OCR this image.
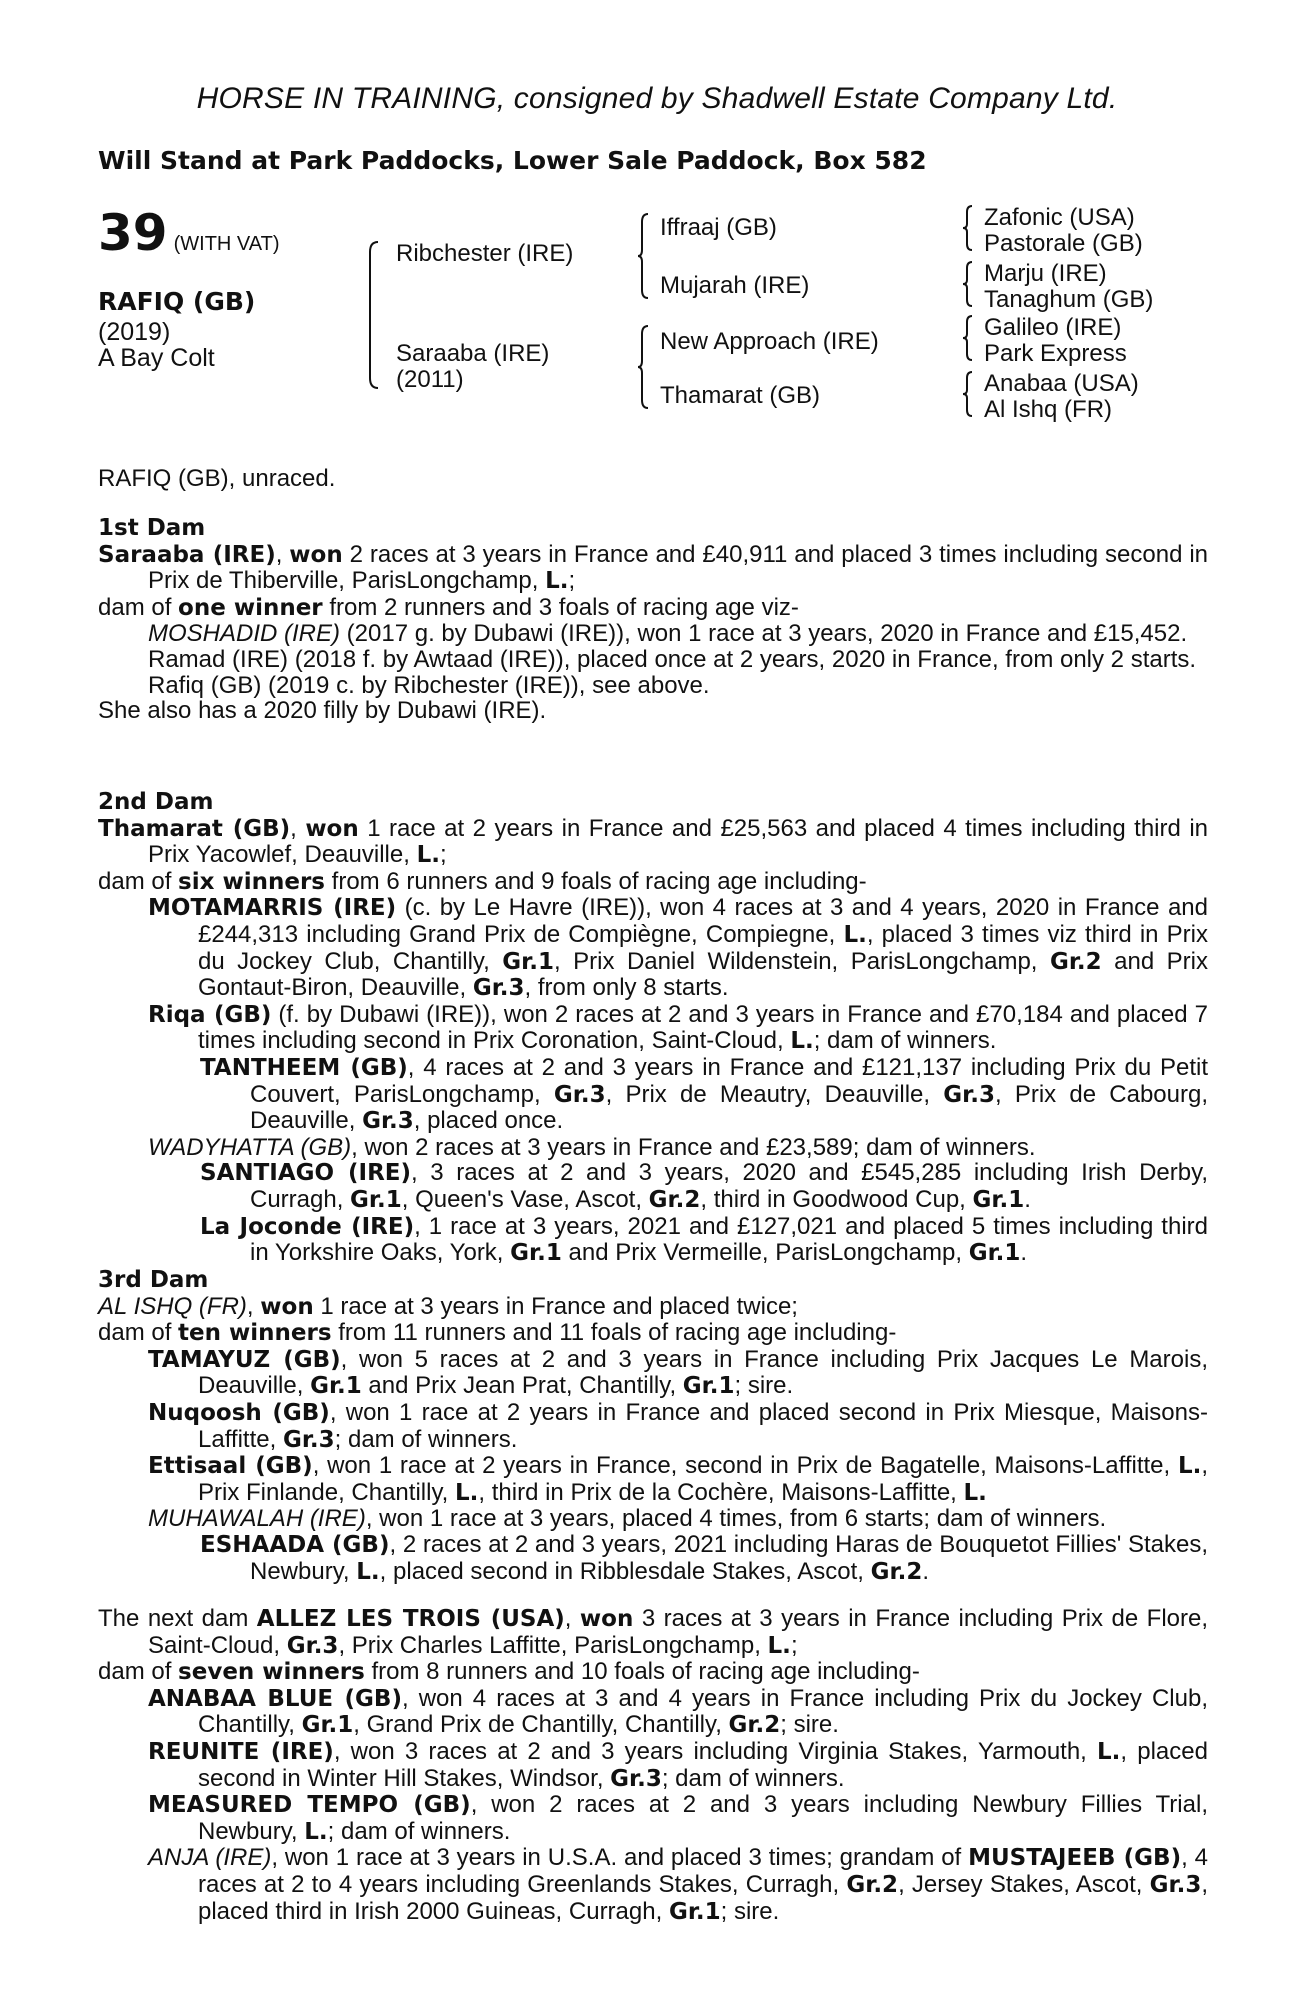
HORSE IN TRAINING, consigned by Shadwell Estate Company Ltd.
Will Stand at Park Paddocks, Lower Sale Paddock, Box 582
39 (WITH VAT)
RAFIQ (GB)
(2019)
A Bay Colt
Ribchester (IRE)
Saraaba (IRE)
(2011)
Iffraaj (GB)
Mujarah (IRE)
New Approach (IRE)
Thamarat (GB)
Zafonic (USA)
Pastorale (GB)
Marju (IRE)
Tanaghum (GB)
Galileo (IRE)
Park Express
Anabaa (USA)
Al Ishq (FR)
RAFIQ (GB), unraced.
1st Dam
Saraaba (IRE), won 2 races at 3 years in France and £40,911 and placed 3 times including second in Prix de Thiberville, ParisLongchamp, L.;
dam of one winner from 2 runners and 3 foals of racing age viz-
MOSHADID (IRE) (2017 g. by Dubawi (IRE)), won 1 race at 3 years, 2020 in France and £15,452.
Ramad (IRE) (2018 f. by Awtaad (IRE)), placed once at 2 years, 2020 in France, from only 2 starts.
Rafiq (GB) (2019 c. by Ribchester (IRE)), see above.
She also has a 2020 filly by Dubawi (IRE).
2nd Dam
Thamarat (GB), won 1 race at 2 years in France and £25,563 and placed 4 times including third in Prix Yacowlef, Deauville, L.;
dam of six winners from 6 runners and 9 foals of racing age including-
MOTAMARRIS (IRE) (c. by Le Havre (IRE)), won 4 races at 3 and 4 years, 2020 in France and £244,313 including Grand Prix de Compiègne, Compiegne, L., placed 3 times viz third in Prix du Jockey Club, Chantilly, Gr.1, Prix Daniel Wildenstein, ParisLongchamp, Gr.2 and Prix Gontaut-Biron, Deauville, Gr.3, from only 8 starts.
Riqa (GB) (f. by Dubawi (IRE)), won 2 races at 2 and 3 years in France and £70,184 and placed 7 times including second in Prix Coronation, Saint-Cloud, L.; dam of winners.
TANTHEEM (GB), 4 races at 2 and 3 years in France and £121,137 including Prix du Petit Couvert, ParisLongchamp, Gr.3, Prix de Meautry, Deauville, Gr.3, Prix de Cabourg, Deauville, Gr.3, placed once.
WADYHATTA (GB), won 2 races at 3 years in France and £23,589; dam of winners.
SANTIAGO (IRE), 3 races at 2 and 3 years, 2020 and £545,285 including Irish Derby, Curragh, Gr.1, Queen's Vase, Ascot, Gr.2, third in Goodwood Cup, Gr.1.
La Joconde (IRE), 1 race at 3 years, 2021 and £127,021 and placed 5 times including third in Yorkshire Oaks, York, Gr.1 and Prix Vermeille, ParisLongchamp, Gr.1.
3rd Dam
AL ISHQ (FR), won 1 race at 3 years in France and placed twice;
dam of ten winners from 11 runners and 11 foals of racing age including-
TAMAYUZ (GB), won 5 races at 2 and 3 years in France including Prix Jacques Le Marois, Deauville, Gr.1 and Prix Jean Prat, Chantilly, Gr.1; sire.
Nuqoosh (GB), won 1 race at 2 years in France and placed second in Prix Miesque, Maisons-Laffitte, Gr.3; dam of winners.
Ettisaal (GB), won 1 race at 2 years in France, second in Prix de Bagatelle, Maisons-Laffitte, L., Prix Finlande, Chantilly, L., third in Prix de la Cochère, Maisons-Laffitte, L.
MUHAWALAH (IRE), won 1 race at 3 years, placed 4 times, from 6 starts; dam of winners.
ESHAADA (GB), 2 races at 2 and 3 years, 2021 including Haras de Bouquetot Fillies' Stakes, Newbury, L., placed second in Ribblesdale Stakes, Ascot, Gr.2.
The next dam ALLEZ LES TROIS (USA), won 3 races at 3 years in France including Prix de Flore, Saint-Cloud, Gr.3, Prix Charles Laffitte, ParisLongchamp, L.;
dam of seven winners from 8 runners and 10 foals of racing age including-
ANABAA BLUE (GB), won 4 races at 3 and 4 years in France including Prix du Jockey Club, Chantilly, Gr.1, Grand Prix de Chantilly, Chantilly, Gr.2; sire.
REUNITE (IRE), won 3 races at 2 and 3 years including Virginia Stakes, Yarmouth, L., placed second in Winter Hill Stakes, Windsor, Gr.3; dam of winners.
MEASURED TEMPO (GB), won 2 races at 2 and 3 years including Newbury Fillies Trial, Newbury, L.; dam of winners.
ANJA (IRE), won 1 race at 3 years in U.S.A. and placed 3 times; grandam of MUSTAJEEB (GB), 4 races at 2 to 4 years including Greenlands Stakes, Curragh, Gr.2, Jersey Stakes, Ascot, Gr.3, placed third in Irish 2000 Guineas, Curragh, Gr.1; sire.
